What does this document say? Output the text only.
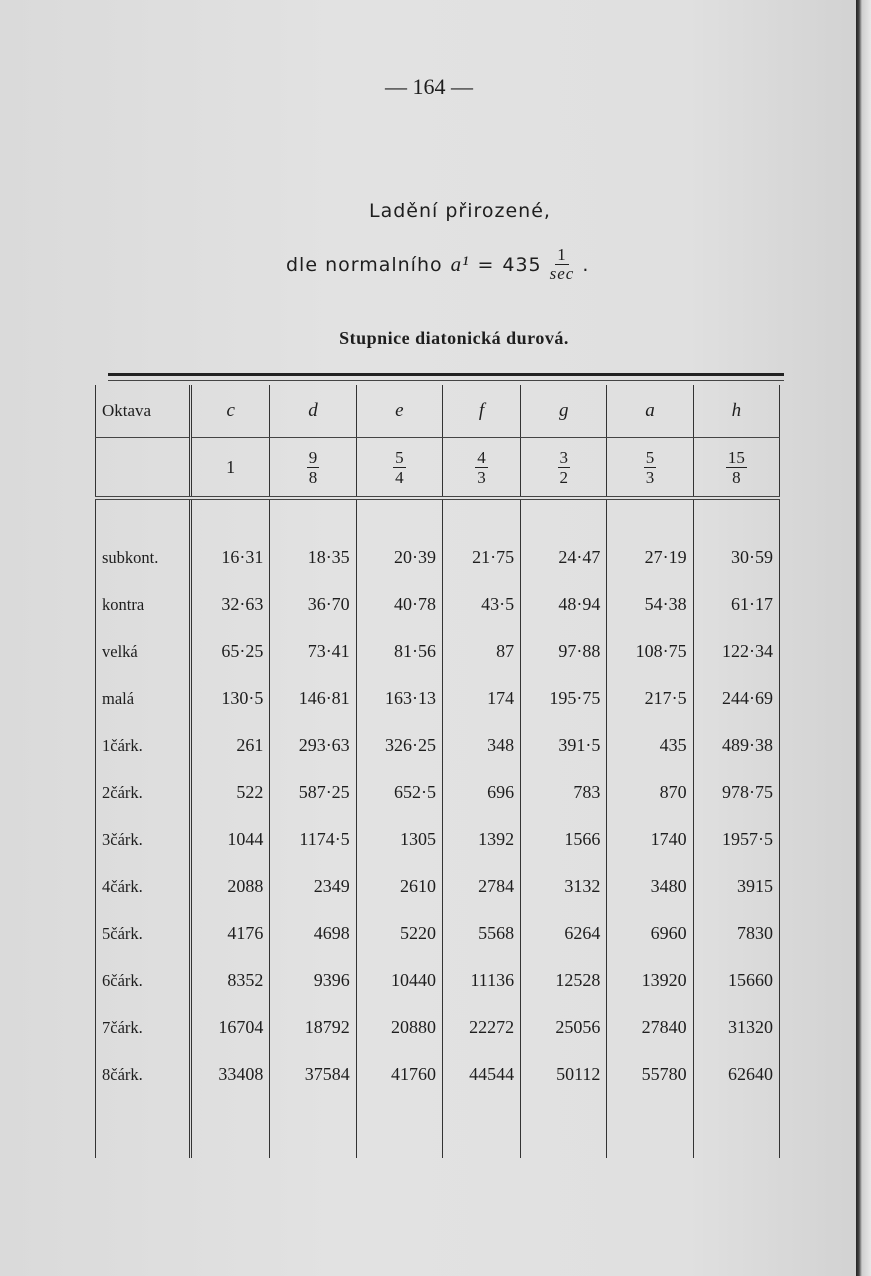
— 164 —
Ladění přirozené,
dle normalního $a^1 = 435 \frac{1}{\sec}$ .
Stupnice diatonická durová.
Oktava	c	d	e	f	g	a	h
	1	$\frac{9}{8}$	$\frac{5}{4}$	$\frac{4}{3}$	$\frac{3}{2}$	$\frac{5}{3}$	$\frac{15}{8}$

subkont.	16·31	18·35	20·39	21·75	24·47	27·19	30·59
kontra	32·63	36·70	40·78	43·5	48·94	54·38	61·17
velká	65·25	73·41	81·56	87	97·88	108·75	122·34
malá	130·5	146·81	163·13	174	195·75	217·5	244·69
1čárk.	261	293·63	326·25	348	391·5	435	489·38
2čárk.	522	587·25	652·5	696	783	870	978·75
3čárk.	1044	1174·5	1305	1392	1566	1740	1957·5
4čárk.	2088	2349	2610	2784	3132	3480	3915
5čárk.	4176	4698	5220	5568	6264	6960	7830
6čárk.	8352	9396	10440	11136	12528	13920	15660
7čárk.	16704	18792	20880	22272	25056	27840	31320
8čárk.	33408	37584	41760	44544	50112	55780	62640
